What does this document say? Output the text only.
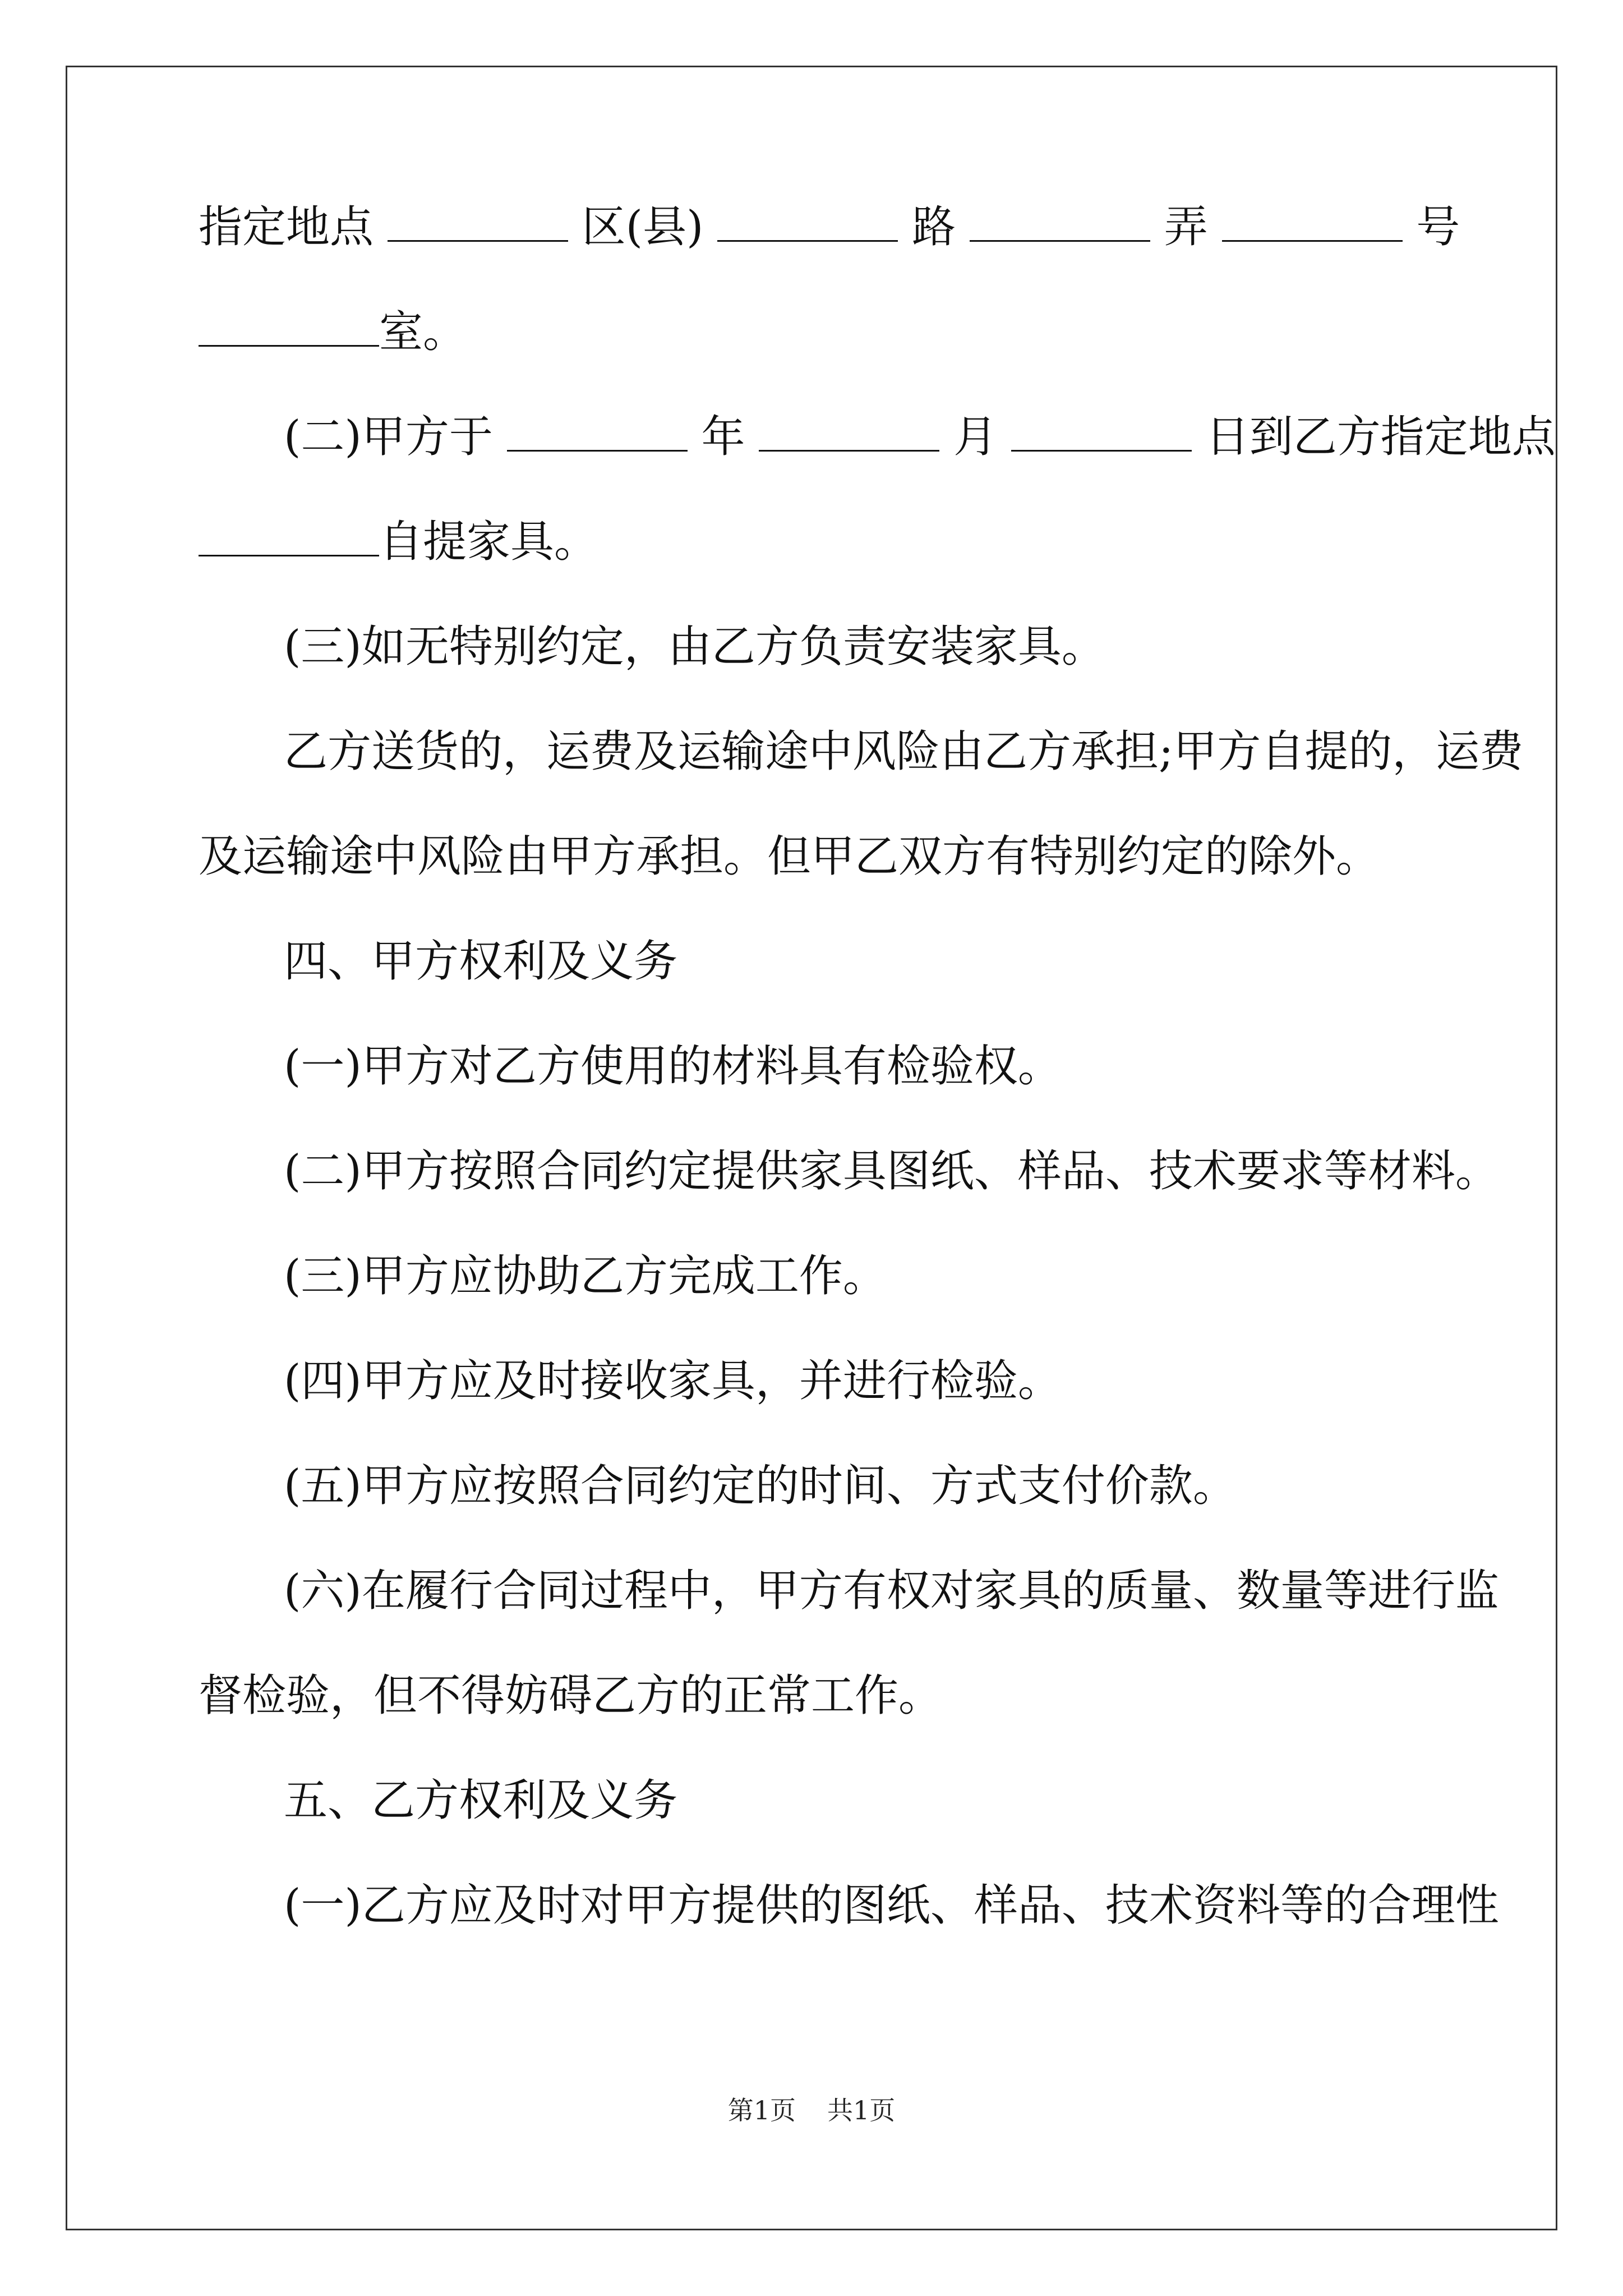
指定地点	区(县)	路	弄	号
室。
(二)甲方于	年	月	日到乙方指定地点
自提家具。
(三)如无特别约定，由乙方负责安装家具。
乙方送货的，运费及运输途中风险由乙方承担;甲方自提的，运费
及运输途中风险由甲方承担。但甲乙双方有特别约定的除外。
四、甲方权利及义务
(一)甲方对乙方使用的材料具有检验权。
(二)甲方按照合同约定提供家具图纸、样品、技术要求等材料。
(三)甲方应协助乙方完成工作。
(四)甲方应及时接收家具，并进行检验。
(五)甲方应按照合同约定的时间、方式支付价款。
(六)在履行合同过程中，甲方有权对家具的质量、数量等进行监
督检验，但不得妨碍乙方的正常工作。
五、乙方权利及义务
(一)乙方应及时对甲方提供的图纸、样品、技术资料等的合理性
第1页 共1页
